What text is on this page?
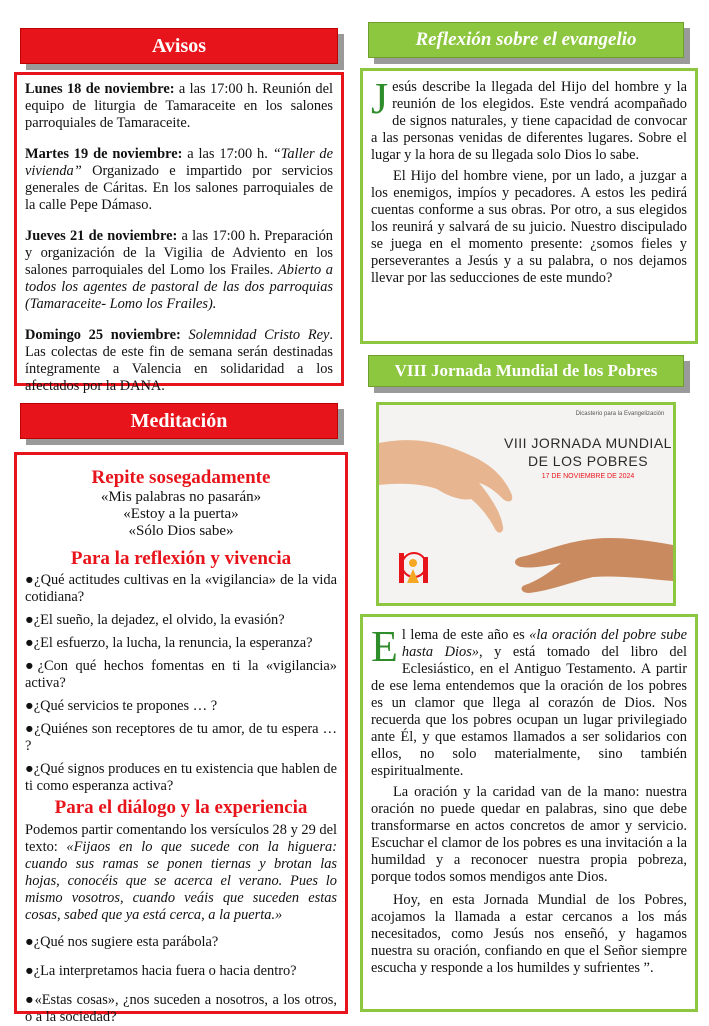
Avisos

Lunes 18 de noviembre: a las 17:00 h. Reunión del equipo de liturgia de Tamaraceite en los salones parroquiales de Tamaraceite.

Martes 19 de noviembre: a las 17:00 h. “Taller de vivienda” Organizado e impartido por servicios generales de Cáritas. En los salones parroquiales de la calle Pepe Dámaso.

Jueves 21 de noviembre: a las 17:00 h. Preparación y organización de la Vigilia de Adviento en los salones parroquiales del Lomo los Frailes. Abierto a todos los agentes de pastoral de las dos parroquias (Tamaraceite- Lomo los Frailes).

Domingo 25 noviembre: Solemnidad Cristo Rey. Las colectas de este fin de semana serán destinadas íntegramente a Valencia en solidaridad a los afectados por la DANA.

Meditación

Repite sosegadamente

«Mis palabras no pasarán»

«Estoy a la puerta»

«Sólo Dios sabe»

Para la reflexión y vivencia

●¿Qué actitudes cultivas en la «vigilancia» de la vida cotidiana?

●¿El sueño, la dejadez, el olvido, la evasión?

●¿El esfuerzo, la lucha, la renuncia, la esperanza?

●¿Con qué hechos fomentas en ti la «vigilancia» activa?

●¿Qué servicios te propones … ?

●¿Quiénes son receptores de tu amor, de tu espera … ?

●¿Qué signos produces en tu existencia que hablen de ti como esperanza activa?

Para el diálogo y la experiencia

Podemos partir comentando los versículos 28 y 29 del texto: «Fijaos en lo que sucede con la higuera: cuando sus ramas se ponen tiernas y brotan las hojas, conocéis que se acerca el verano. Pues lo mismo vosotros, cuando veáis que suceden estas cosas, sabed que ya está cerca, a la puerta.»

●¿Qué nos sugiere esta parábola?

●¿La interpretamos hacia fuera o hacia dentro?

●«Estas cosas», ¿nos suceden a nosotros, a los otros, o a la sociedad?

Reflexión sobre el evangelio

Jesús describe la llegada del Hijo del hombre y la reunión de los elegidos. Este vendrá acompañado de signos naturales, y tiene capacidad de convocar a las personas venidas de diferentes lugares. Sobre el lugar y la hora de su llegada solo Dios lo sabe.

El Hijo del hombre viene, por un lado, a juzgar a los enemigos, impíos y pecadores. A estos les pedirá cuentas conforme a sus obras. Por otro, a sus elegidos los reunirá y salvará de su juicio. Nuestro discipulado se juega en el momento presente: ¿somos fieles y perseverantes a Jesús y a su palabra, o nos dejamos llevar por las seducciones de este mundo?

VIII Jornada Mundial de los Pobres
Dicasterio para la Evangelización
VIII JORNADA MUNDIAL
DE LOS POBRES
17 DE NOVIEMBRE DE 2024

El lema de este año es «la oración del pobre sube hasta Dios», y está tomado del libro del Eclesiástico, en el Antiguo Testamento. A partir de ese lema entendemos que la oración de los pobres es un clamor que llega al corazón de Dios. Nos recuerda que los pobres ocupan un lugar privilegiado ante Él, y que estamos llamados a ser solidarios con ellos, no solo materialmente, sino también espiritualmente.

La oración y la caridad van de la mano: nuestra oración no puede quedar en palabras, sino que debe transformarse en actos concretos de amor y servicio. Escuchar el clamor de los pobres es una invitación a la humildad y a reconocer nuestra propia pobreza, porque todos somos mendigos ante Dios.

Hoy, en esta Jornada Mundial de los Pobres, acojamos la llamada a estar cercanos a los más necesitados, como Jesús nos enseñó, y hagamos nuestra su oración, confiando en que el Señor siempre escucha y responde a los humildes y sufrientes ”.
